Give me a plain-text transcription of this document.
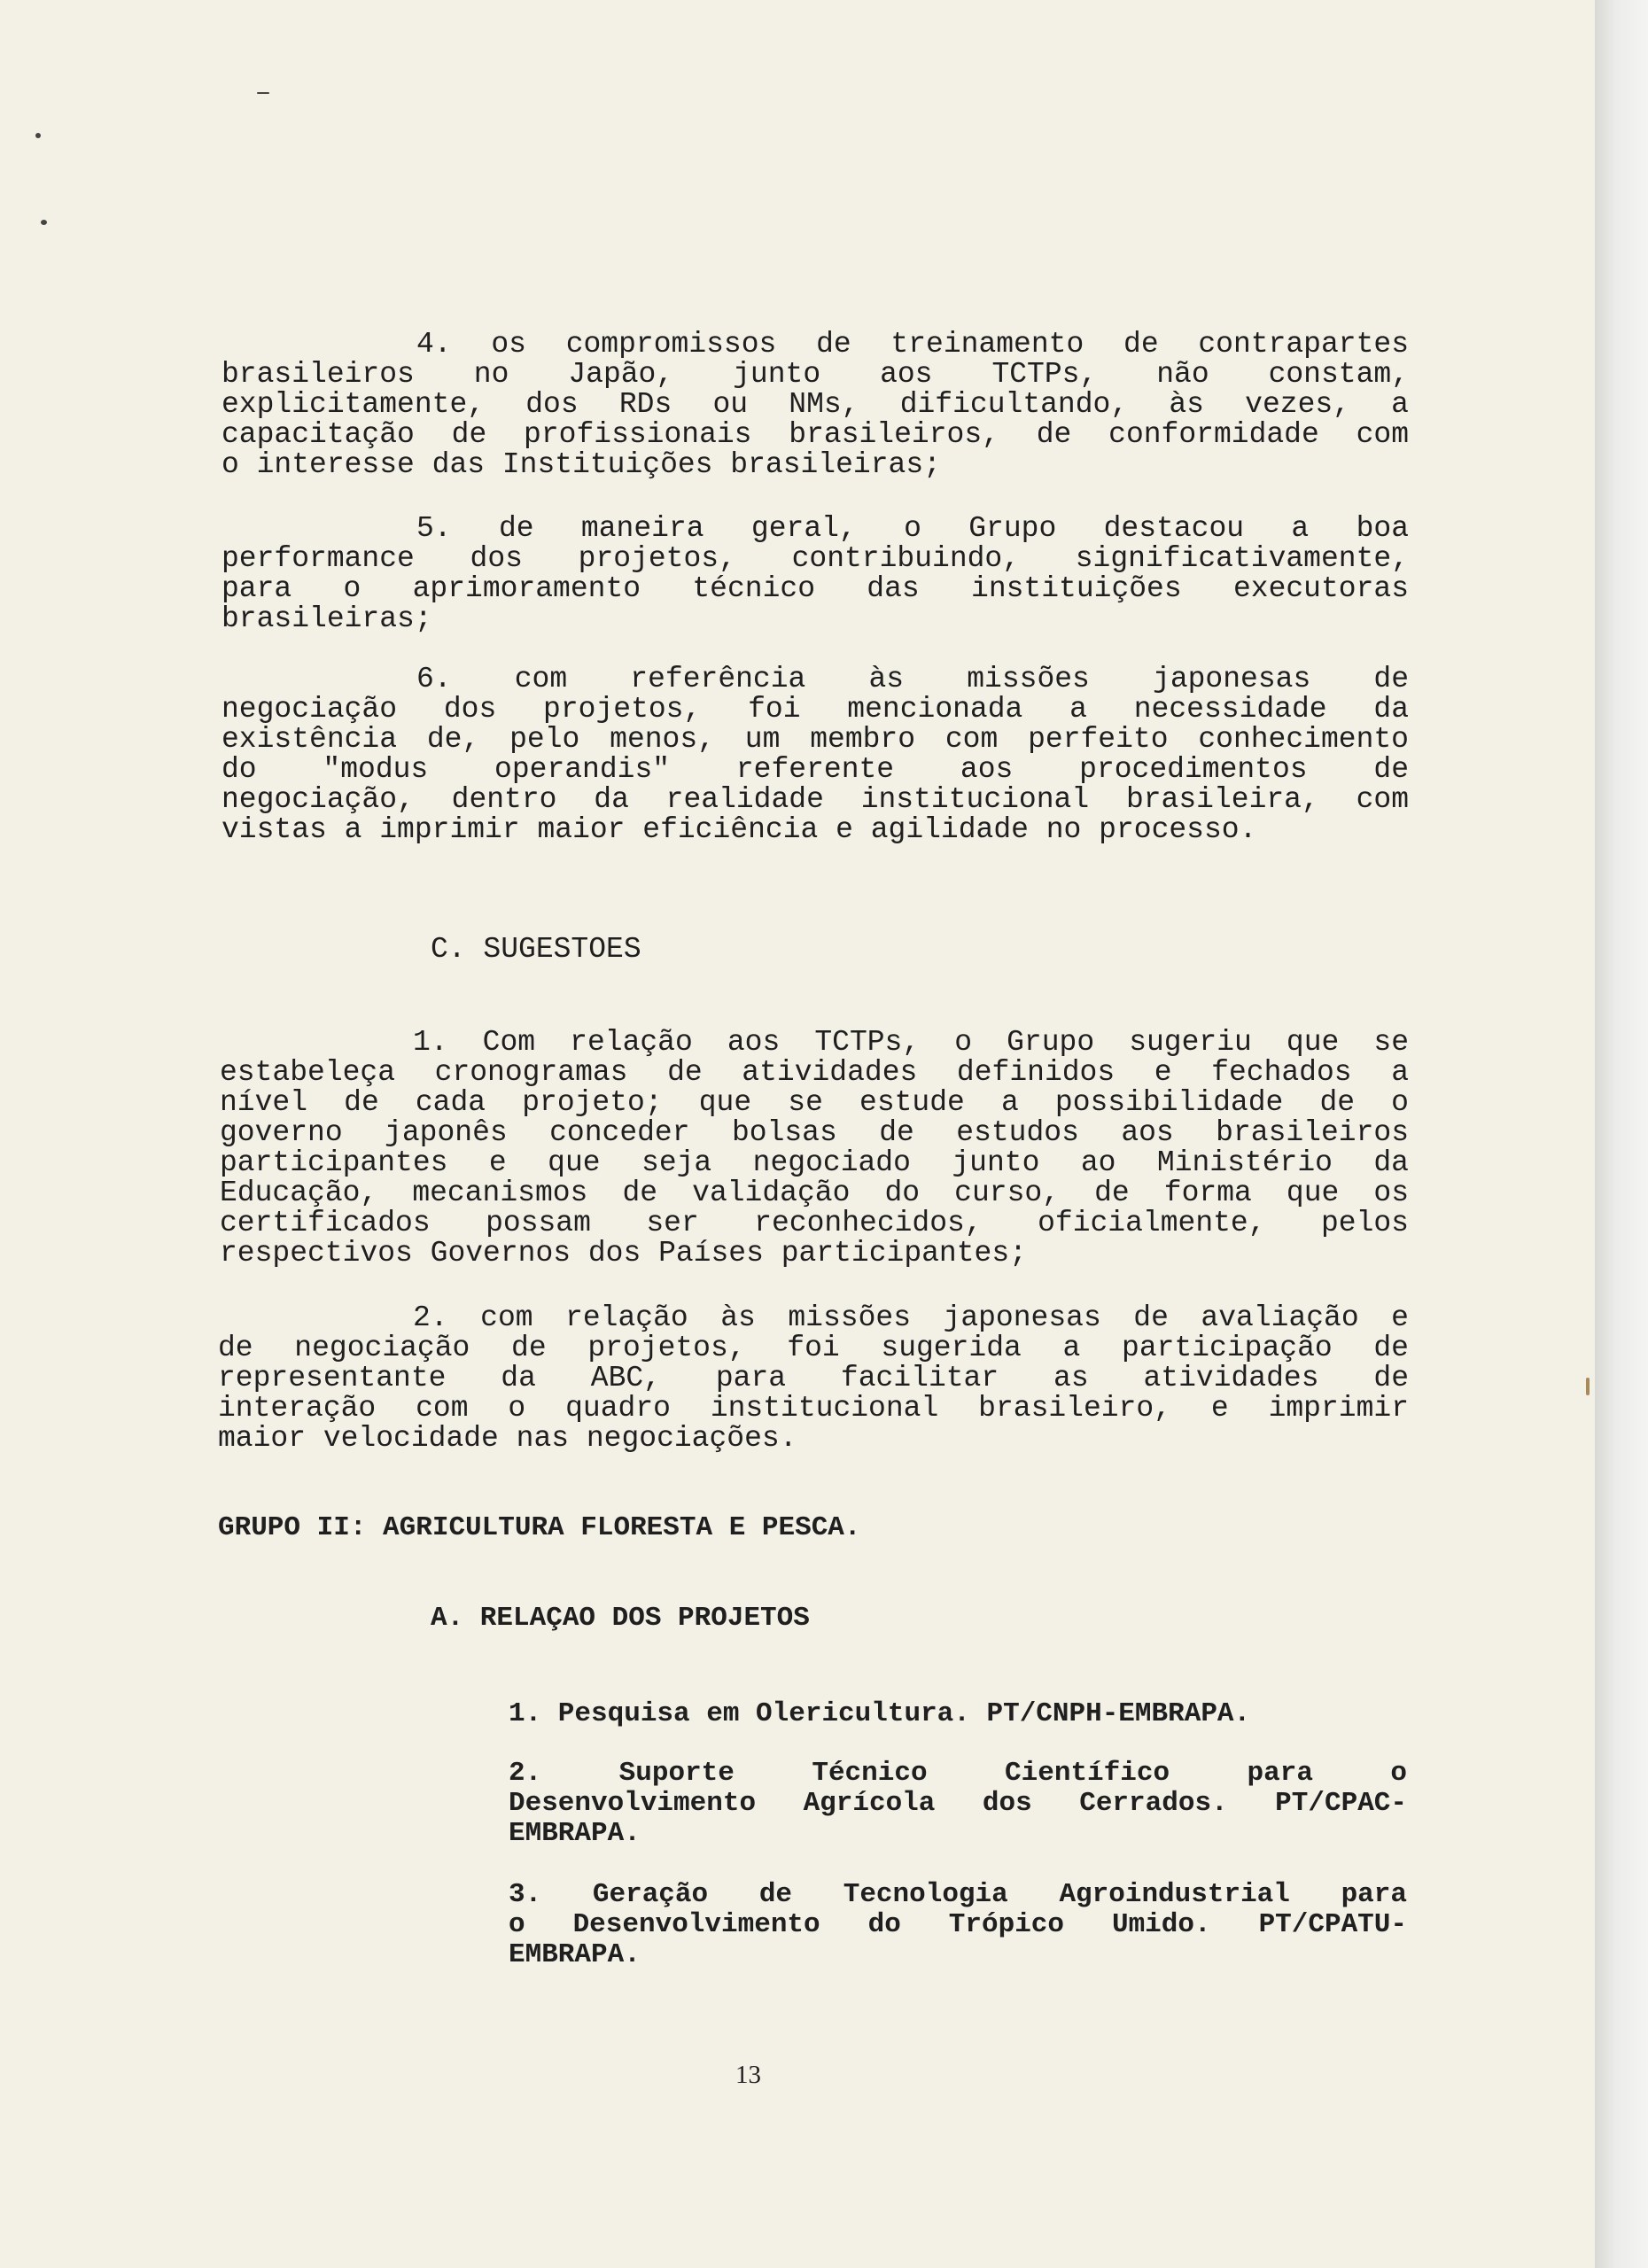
4. os compromissos de treinamento de contrapartes
brasileiros no Japão, junto aos TCTPs, não constam,
explicitamente, dos RDs ou NMs, dificultando, às vezes, a
capacitação de profissionais brasileiros, de conformidade com
o interesse das Instituições brasileiras;
5. de maneira geral, o Grupo destacou a boa
performance dos projetos, contribuindo, significativamente,
para o aprimoramento técnico das instituições executoras
brasileiras;
6. com referência às missões japonesas de
negociação dos projetos, foi mencionada a necessidade da
existência de, pelo menos, um membro com perfeito conhecimento
do "modus operandis" referente aos procedimentos de
negociação, dentro da realidade institucional brasileira, com
vistas a imprimir maior eficiência e agilidade no processo.
C. SUGESTOES
1. Com relação aos TCTPs, o Grupo sugeriu que se
estabeleça cronogramas de atividades definidos e fechados a
nível de cada projeto; que se estude a possibilidade de o
governo japonês conceder bolsas de estudos aos brasileiros
participantes e que seja negociado junto ao Ministério da
Educação, mecanismos de validação do curso, de forma que os
certificados possam ser reconhecidos, oficialmente, pelos
respectivos Governos dos Países participantes;
2. com relação às missões japonesas de avaliação e
de negociação de projetos, foi sugerida a participação de
representante da ABC, para facilitar as atividades de
interação com o quadro institucional brasileiro, e imprimir
maior velocidade nas negociações.
GRUPO II: AGRICULTURA FLORESTA E PESCA.
A. RELAÇAO DOS PROJETOS
1. Pesquisa em Olericultura. PT/CNPH-EMBRAPA.
2. Suporte Técnico Científico para o
Desenvolvimento Agrícola dos Cerrados. PT/CPAC-
EMBRAPA.
3. Geração de Tecnologia Agroindustrial para
o Desenvolvimento do Trópico Umido. PT/CPATU-
EMBRAPA.
13
